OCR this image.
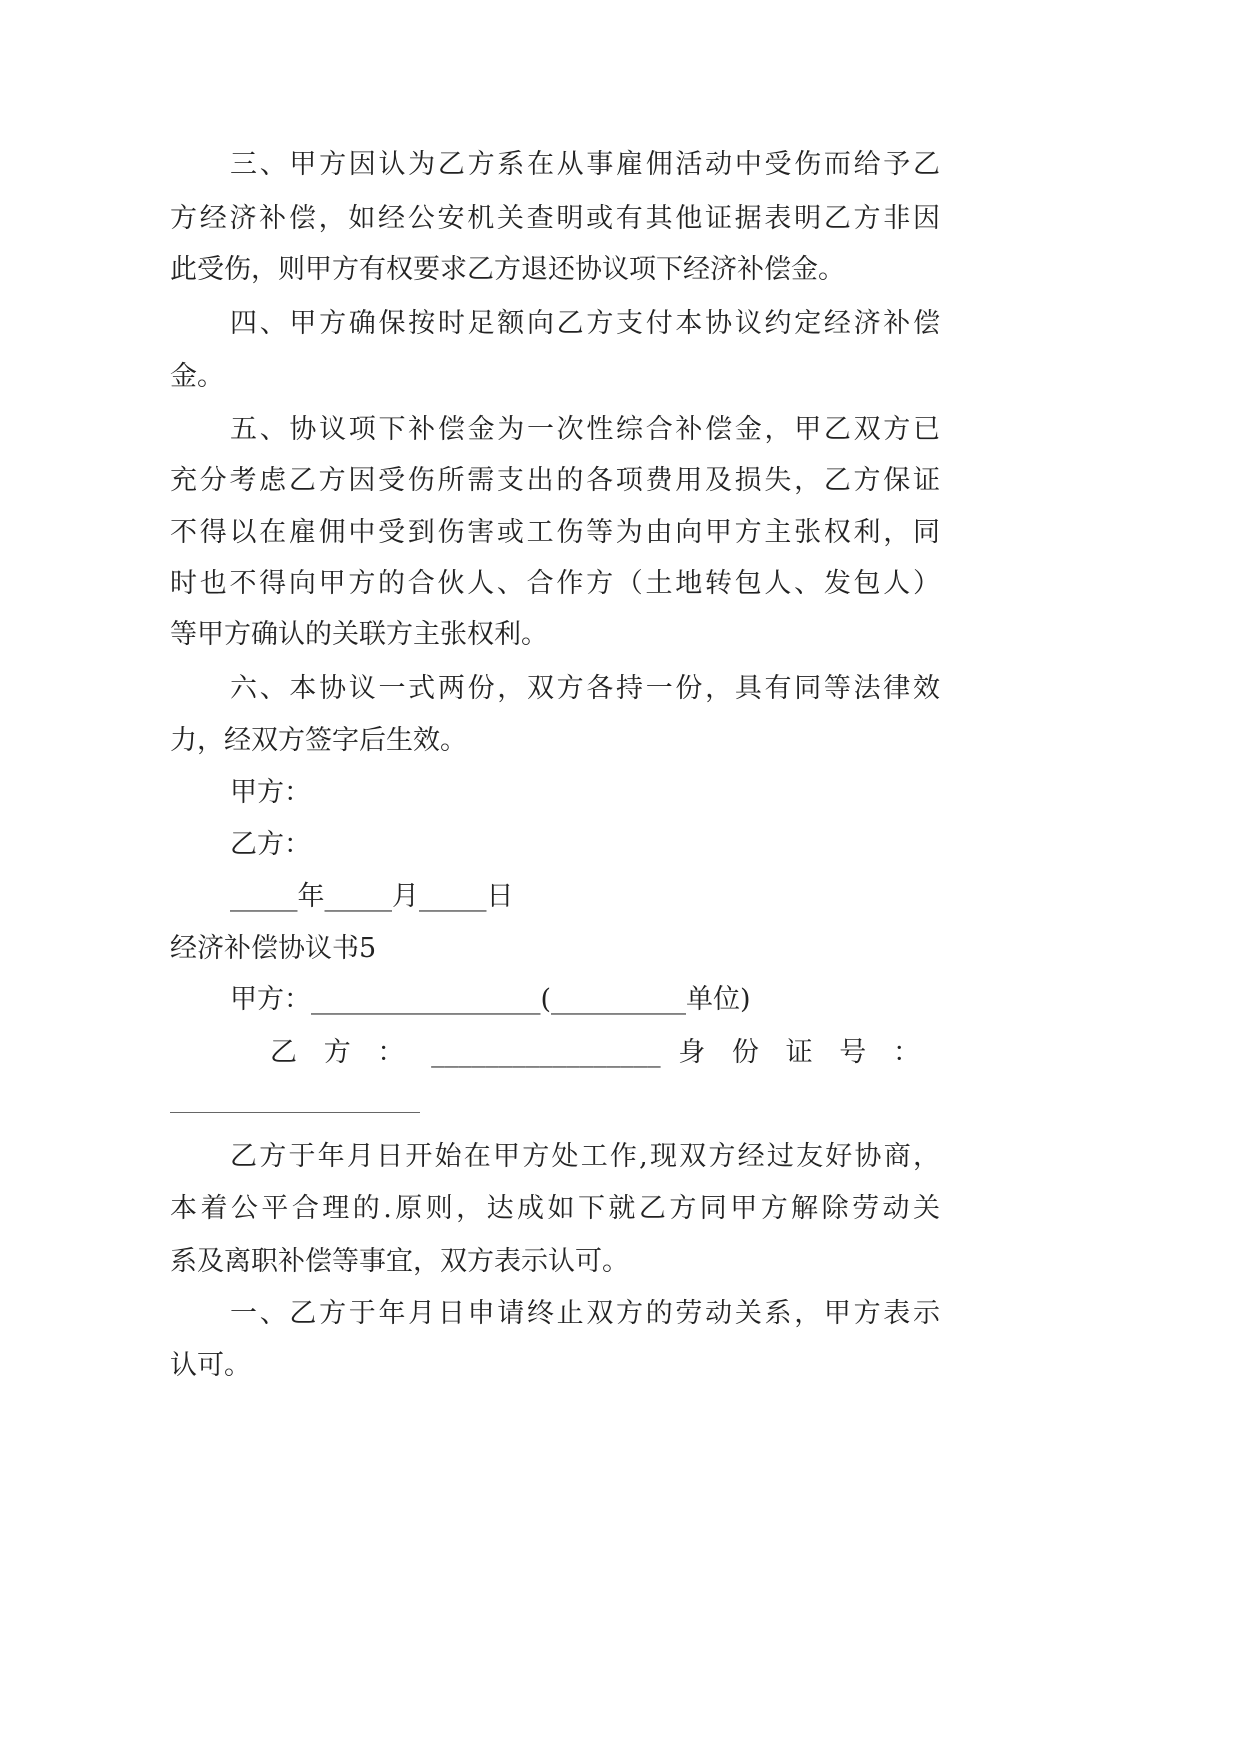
三、甲方因认为乙方系在从事雇佣活动中受伤而给予乙
方经济补偿，如经公安机关查明或有其他证据表明乙方非因
此受伤，则甲方有权要求乙方退还协议项下经济补偿金。
四、甲方确保按时足额向乙方支付本协议约定经济补偿
金。
五、协议项下补偿金为一次性综合补偿金，甲乙双方已
充分考虑乙方因受伤所需支出的各项费用及损失，乙方保证
不得以在雇佣中受到伤害或工伤等为由向甲方主张权利，同
时也不得向甲方的合伙人、合作方（土地转包人、发包人）
等甲方确认的关联方主张权利。
六、本协议一式两份，双方各持一份，具有同等法律效
力，经双方签字后生效。
甲方：
乙方：
_____年_____月_____日
经济补偿协议书5
甲方：_________________(__________单位)
乙 方 ： _________________ 身 份 证 号 ：
乙方于年月日开始在甲方处工作,现双方经过友好协商，
本着公平合理的.原则，达成如下就乙方同甲方解除劳动关
系及离职补偿等事宜，双方表示认可。
一、乙方于年月日申请终止双方的劳动关系，甲方表示
认可。
